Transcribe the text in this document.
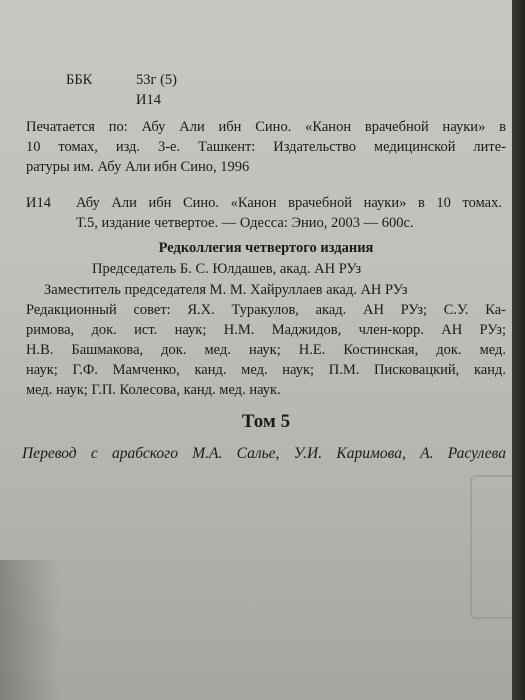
ББК	53г (5)
И14
Печатается по: Абу Али ибн Сино. «Канон врачебной науки» в
10 томах, изд. 3-е. Ташкент: Издательство медицинской лите-
ратуры им. Абу Али ибн Сино, 1996
И14 Абу Али ибн Сино. «Канон врачебной науки» в 10 томах.
Т.5, издание четвертое. — Одесса: Энио, 2003 — 600с.
Редколлегия четвертого издания
Председатель Б. С. Юлдашев, акад. АН РУз
Заместитель председателя М. М. Хайруллаев акад. АН РУз
Редакционный совет: Я.Х. Туракулов, акад. АН РУз; С.У. Ка-
римова, док. ист. наук; Н.М. Маджидов, член-корр. АН РУз;
Н.В. Башмакова, док. мед. наук; Н.Е. Костинская, док. мед.
наук; Г.Ф. Мамченко, канд. мед. наук; П.М. Писковацкий, канд.
мед. наук; Г.П. Колесова, канд. мед. наук.
Том 5
Перевод с арабского М.А. Салье, У.И. Каримова, А. Расулева
